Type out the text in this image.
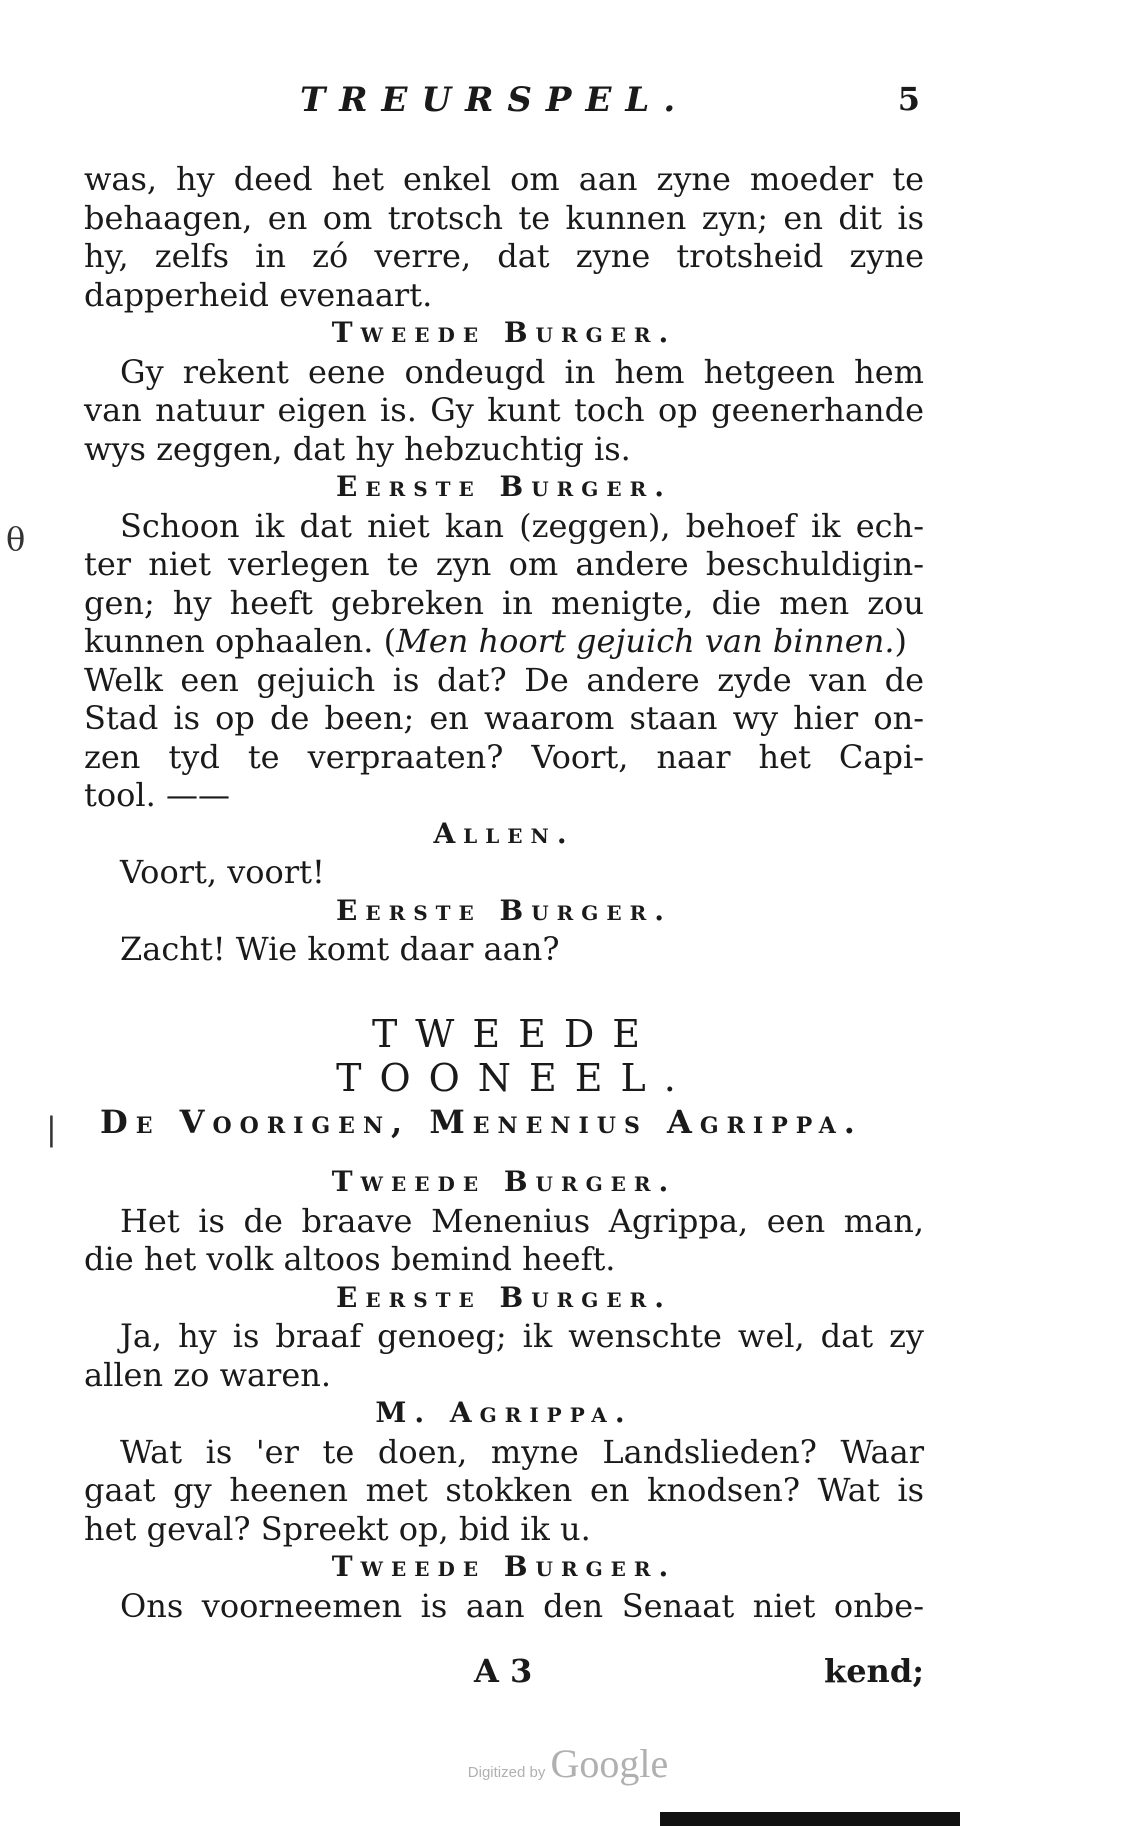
TREURSPEL.	5
was, hy deed het enkel om aan zyne moeder te
behaagen, en om trotsch te kunnen zyn; en dit is
hy, zelfs in zó verre, dat zyne trotsheid zyne
dapperheid evenaart.
Tweede Burger.
Gy rekent eene ondeugd in hem hetgeen hem
van natuur eigen is. Gy kunt toch op geenerhande
wys zeggen, dat hy hebzuchtig is.
Eerste Burger.
Schoon ik dat niet kan (zeggen), behoef ik ech-
ter niet verlegen te zyn om andere beschuldigin-
gen; hy heeft gebreken in menigte, die men zou
kunnen ophaalen. (Men hoort gejuich van binnen.)
Welk een gejuich is dat? De andere zyde van de
Stad is op de been; en waarom staan wy hier on-
zen tyd te verpraaten? Voort, naar het Capi-
tool. ——
Allen.
Voort, voort!
Eerste Burger.
Zacht! Wie komt daar aan?
TWEEDE TOONEEL.
De Voorigen, Menenius Agrippa.
Tweede Burger.
Het is de braave Menenius Agrippa, een man,
die het volk altoos bemind heeft.
Eerste Burger.
Ja, hy is braaf genoeg; ik wenschte wel, dat zy
allen zo waren.
M. Agrippa.
Wat is 'er te doen, myne Landslieden? Waar
gaat gy heenen met stokken en knodsen? Wat is
het geval? Spreekt op, bid ik u.
Tweede Burger.
Ons voorneemen is aan den Senaat niet onbe-
A 3	kend;
θ
|
Digitized by Google
